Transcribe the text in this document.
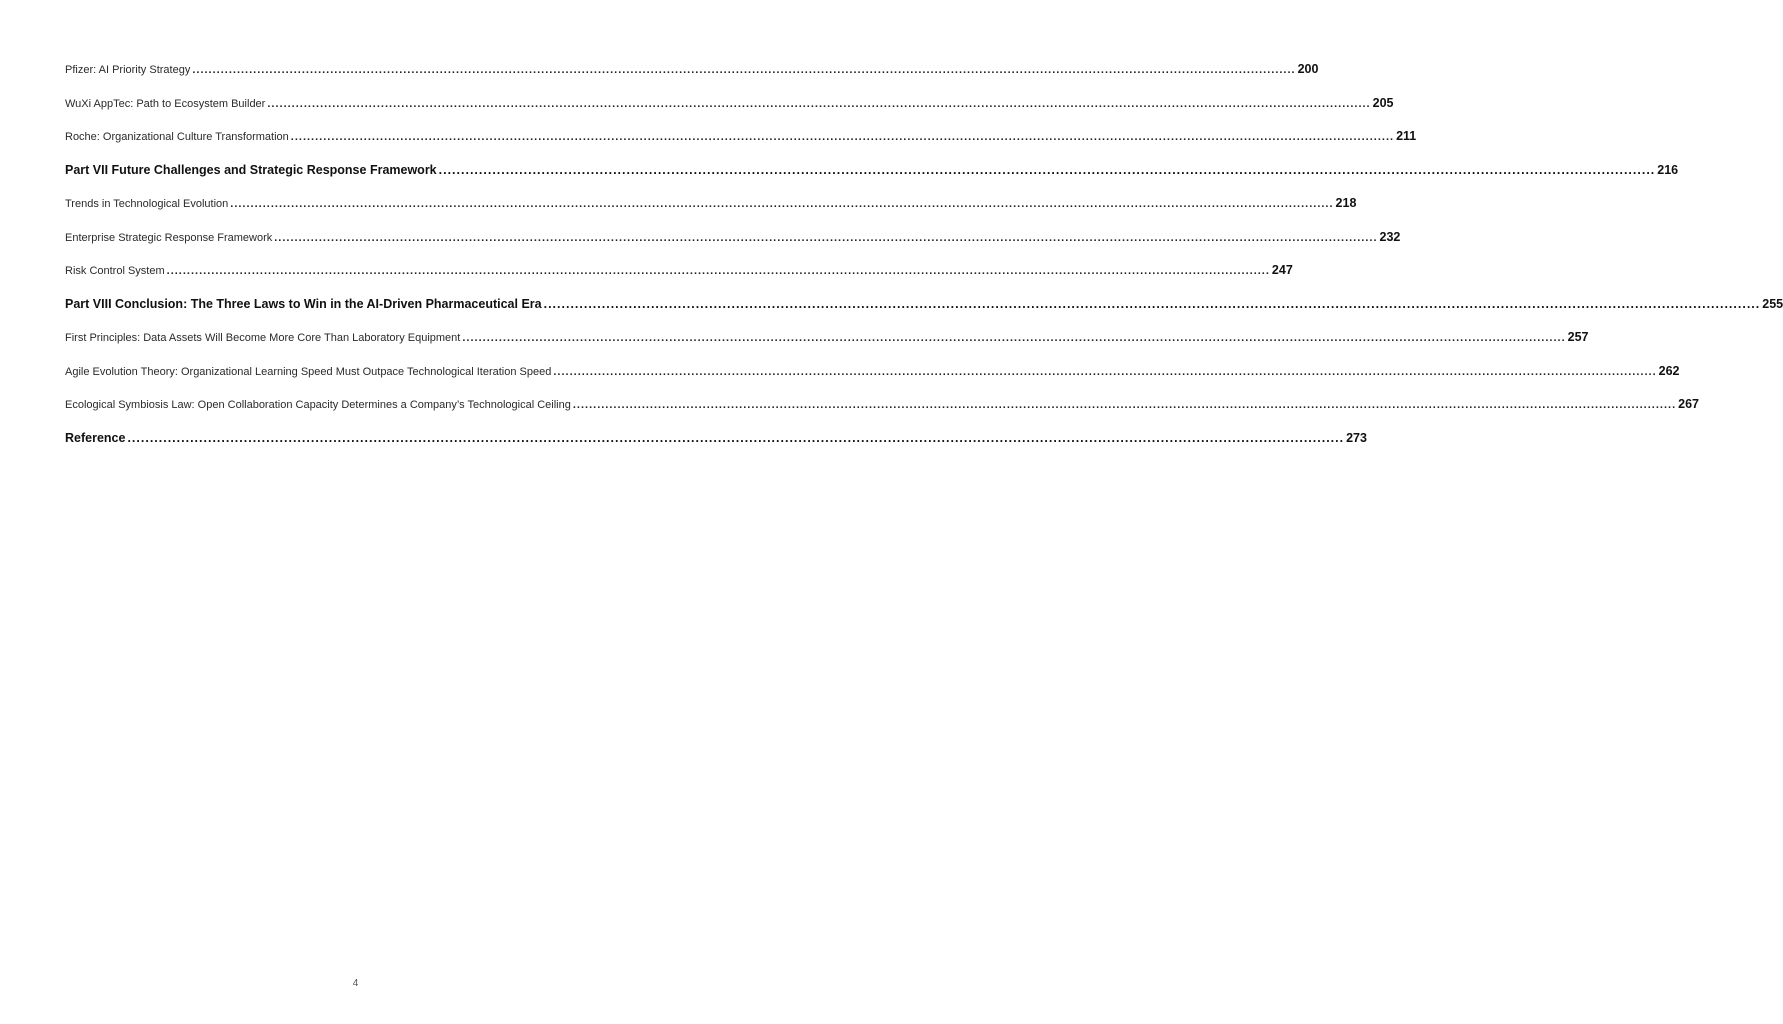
Pfizer: AI Priority Strategy .....	200
WuXi AppTec: Path to Ecosystem Builder .....	205
Roche: Organizational Culture Transformation .....	211
Part VII Future Challenges and Strategic Response Framework .....	216
Trends in Technological Evolution .....	218
Enterprise Strategic Response Framework .....	232
Risk Control System .....	247
Part VIII Conclusion: The Three Laws to Win in the AI-Driven Pharmaceutical Era .....	255
First Principles: Data Assets Will Become More Core Than Laboratory Equipment .....	257
Agile Evolution Theory: Organizational Learning Speed Must Outpace Technological Iteration Speed .....	262
Ecological Symbiosis Law: Open Collaboration Capacity Determines a Company’s Technological Ceiling .....	267
Reference .....	273
4
